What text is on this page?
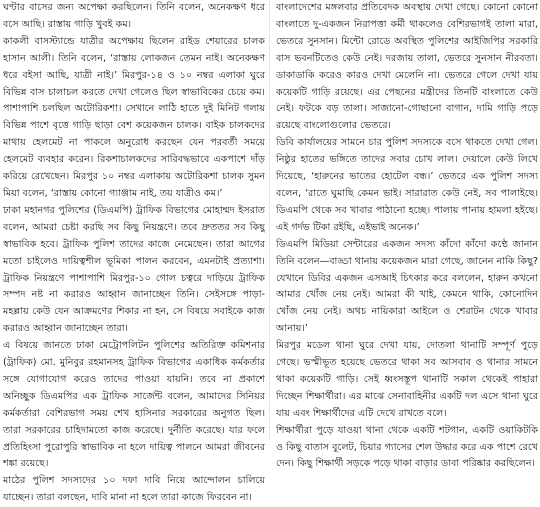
ঘণ্টার বাসের জন্য অপেক্ষা করছিলেন। তিনি বলেন, অনেকক্ষণ ধরে বসে আছি। রাস্তায় গাড়ি খুবই কম।

কাকলী বাসস্ট্যান্ডে যাত্রীর অপেক্ষায় ছিলেন রাইড শেয়ারের চালক হাসান আলী। তিনি বলেন, ‘রাস্তায় লোকজন তেমন নাই। অনেকক্ষণ ধরে বইসা আছি, যাত্রী নাই।’ মিরপুর-১৪ ও ১০ নম্বর এলাকা ঘুরে বিভিন্ন বাস চালাচল করতে দেখা গেলেও ছিল স্বাভাবিকের চেয়ে কম। পাশাপাশি চলছিল অটোরিকশা। সেখানে লাঠি হাতে দুই মিনিট গলায় বিভিন্ন পাশে বৃত্তে গাড়ি ছাড়া বেশ কয়েকজন চালক। বাইক চালকদের মাথায় হেলমেট না পাকলে অনুরোধ করছেন যেন পরবর্তী সময়ে হেলমেট ব্যবহার করেন। রিকশাচালকদের সারিবদ্ধভাবে একপাশে দাঁড় করিয়ে রেখেছেন। মিরপুর ১০ নম্বর এলাকায় অটোরিকশা চালক সুমন মিয়া বলেন, ‘রাস্তায় কোনো গ্যাঞ্জাম নাই, তয় যাত্রীও কম।’

ঢাকা মহানগর পুলিশের (ডিএমপি) ট্রাফিক বিভাগের মোহাম্মদ ইসরাত বলেন, আমরা চেষ্টা করছি সব কিছু নিয়ন্ত্রণে। তবে দ্রুততর সব কিছু স্বাভাবিক হবে। ট্রাফিক পুলিশ তাদের কাজে নেমেছেন। তারা আগের মতো চাইলেও দায়িত্বশীল ভূমিকা পালন করবেন, এমনটাই প্রত্যাশা। ট্রাফিক নিয়ন্ত্রণে পাশাপাশি মিরপুর-১০ গোল চত্বরে দাড়িয়ে ট্রাফিক সম্পদ নষ্ট না করারও আহ্বান জানাচ্ছেন তিনি। সেইসঙ্গে পাড়া-মহল্লায় কেউ যেন আক্রমণের শিকার না হন, সে বিষয়ে সবাইকে কাজ করারও আহ্বান জানাচ্ছেন তারা।

এ বিষয়ে জানতে ঢাকা মেট্রোপলিটন পুলিশের অতিরিক্ত কমিশনার (ট্রাফিক) মো. মুনিবুর রহমানসহ ট্রাফিক বিভাগের একাধিক কর্মকর্তার সঙ্গে যোগাযোগ করেও তাদের পাওয়া যায়নি। তবে না প্রকাশে অনিচ্ছুক ডিএমপির এক ট্রাফিক সার্জেন্ট বলেন, আমাদের সিনিয়র কর্মকর্তারা বেশিরভাগ সময় শেখ হাসিনার সরকারের অনুগত ছিল। তারা সরকারের চাহিদামতো কাজ করেছে। দুর্নীতি করেছে। যার ফলে প্রতিহিংসা পুরোপুরি স্বাভাবিক না হলে দায়িত্ব পালনে আমরা জীবনের শঙ্কা রয়েছে।

মাঠের পুলিশ সদস্যদের ১০ দফা দাবি নিয়ে আন্দোলন চালিয়ে যাচ্ছেন। তারা বলছেন, দাবি মানা না হলে তারা কাজে ফিরবেন না।

বাংলাদেশের মঙ্গলবার প্রতিবেদক অবস্থায় দেখা গেছে। কোনো কোনো বাংলাতে দু-একজন নিরাপত্তা কর্মী থাকলেও বেশিরভাগই তালা মারা, ভেতরে সুনসান। মিন্টো রোডে অবস্থিত পুলিশের আইজিপির সরকারি বাস ভবনটিতেও কেউ নেই। দরজায় তালা, ভেতরে সুনসান নীরবতা। ডাকাডাকি করেও কারও দেখা মেলেনি না। ভেতরে গেলে দেখা যায় কয়েকটি গাড়ি রয়েছে। এর পেছনের মন্ত্রীদের তিনটি বাংলাতে কেউ নেই। ফটকে বড় তালা। সাজানো-গোছানো বাগান, দামি গাড়ি পড়ে রয়েছে বাংলোগুলোর ভেতরে।

ডিবি কার্যালয়ের সামনে চার পুলিশ সদস্যকে বসে থাকতে দেখা গেল। নিষ্ঠুর হাতের ভঙ্গিতে তাদের সবার চোখ লাল। দেয়ালে কেউ লিখে দিয়েছে, ‘হারুনের ভাতের হোটেল বন্ধ।’ ভেতরে এক পুলিশ সদস্য বলেন, ‘রাতে ঘুমাছি কেমন ভাই। সারারাত কেউ নেই, সব পালাইছে। ডিএমপি থেকে সব খাবার পাঠানো হচ্ছে। পালায় পানায় হামলা হইছে। এই গর্দভ টিকা রইছি, এইভাই অনেক।’

ডিএমপি মিডিয়া সেন্টারের একজন সদস্য কাঁদো কাঁদো কণ্ঠে জানান তিনি বলেন—বাড্ডা থানায় কয়েকজন মারা গেছে, জানেন নাকি কিছু? যেখানে ডিবির একজন এসআই চিৎকার করে বললেন, হারুন কখনো আমার খোঁজ নেয় নেই। আমরা কী খাই, কেমনে থাকি, কোনোদিন খোঁজ নেয় নেই। অথচ নায়িকারা আইলে ও শেরাটন থেকে খাবার আনায়।’

মিরপুর মডেল থানা ঘুরে দেখা যায়, দোতলা থানাটি সম্পূর্ণ পুড়ে গেছে। ভস্মীভূত হয়েছে ভেতরে থাকা সব আসবাব ও থানার সামনে থাকা কয়েকটি গাড়ি। সেই ধ্বংসস্তূপ থানাটি সকাল থেকেই পাহারা দিচ্ছেন শিক্ষার্থীরা। এর মাঝে সেনাবাহিনীর একটি দল এসে থানা ঘুরে যায় এবং শিক্ষার্থীদের এটি দেখে রাখতে বলে।

শিক্ষার্থীরা পুড়ে যাওয়া থানা থেকে একটি শটগান, একটি ওয়াকিটকি ও কিছু বাতাস বুলেট, চিয়ার গ্যাসের শেল উদ্ধার করে এক পাশে রেখে দেন। কিছু শিক্ষার্থী সড়কে পড়ে থাকা বাড়ার ডাবা পরিষ্কার করছিলেন।
